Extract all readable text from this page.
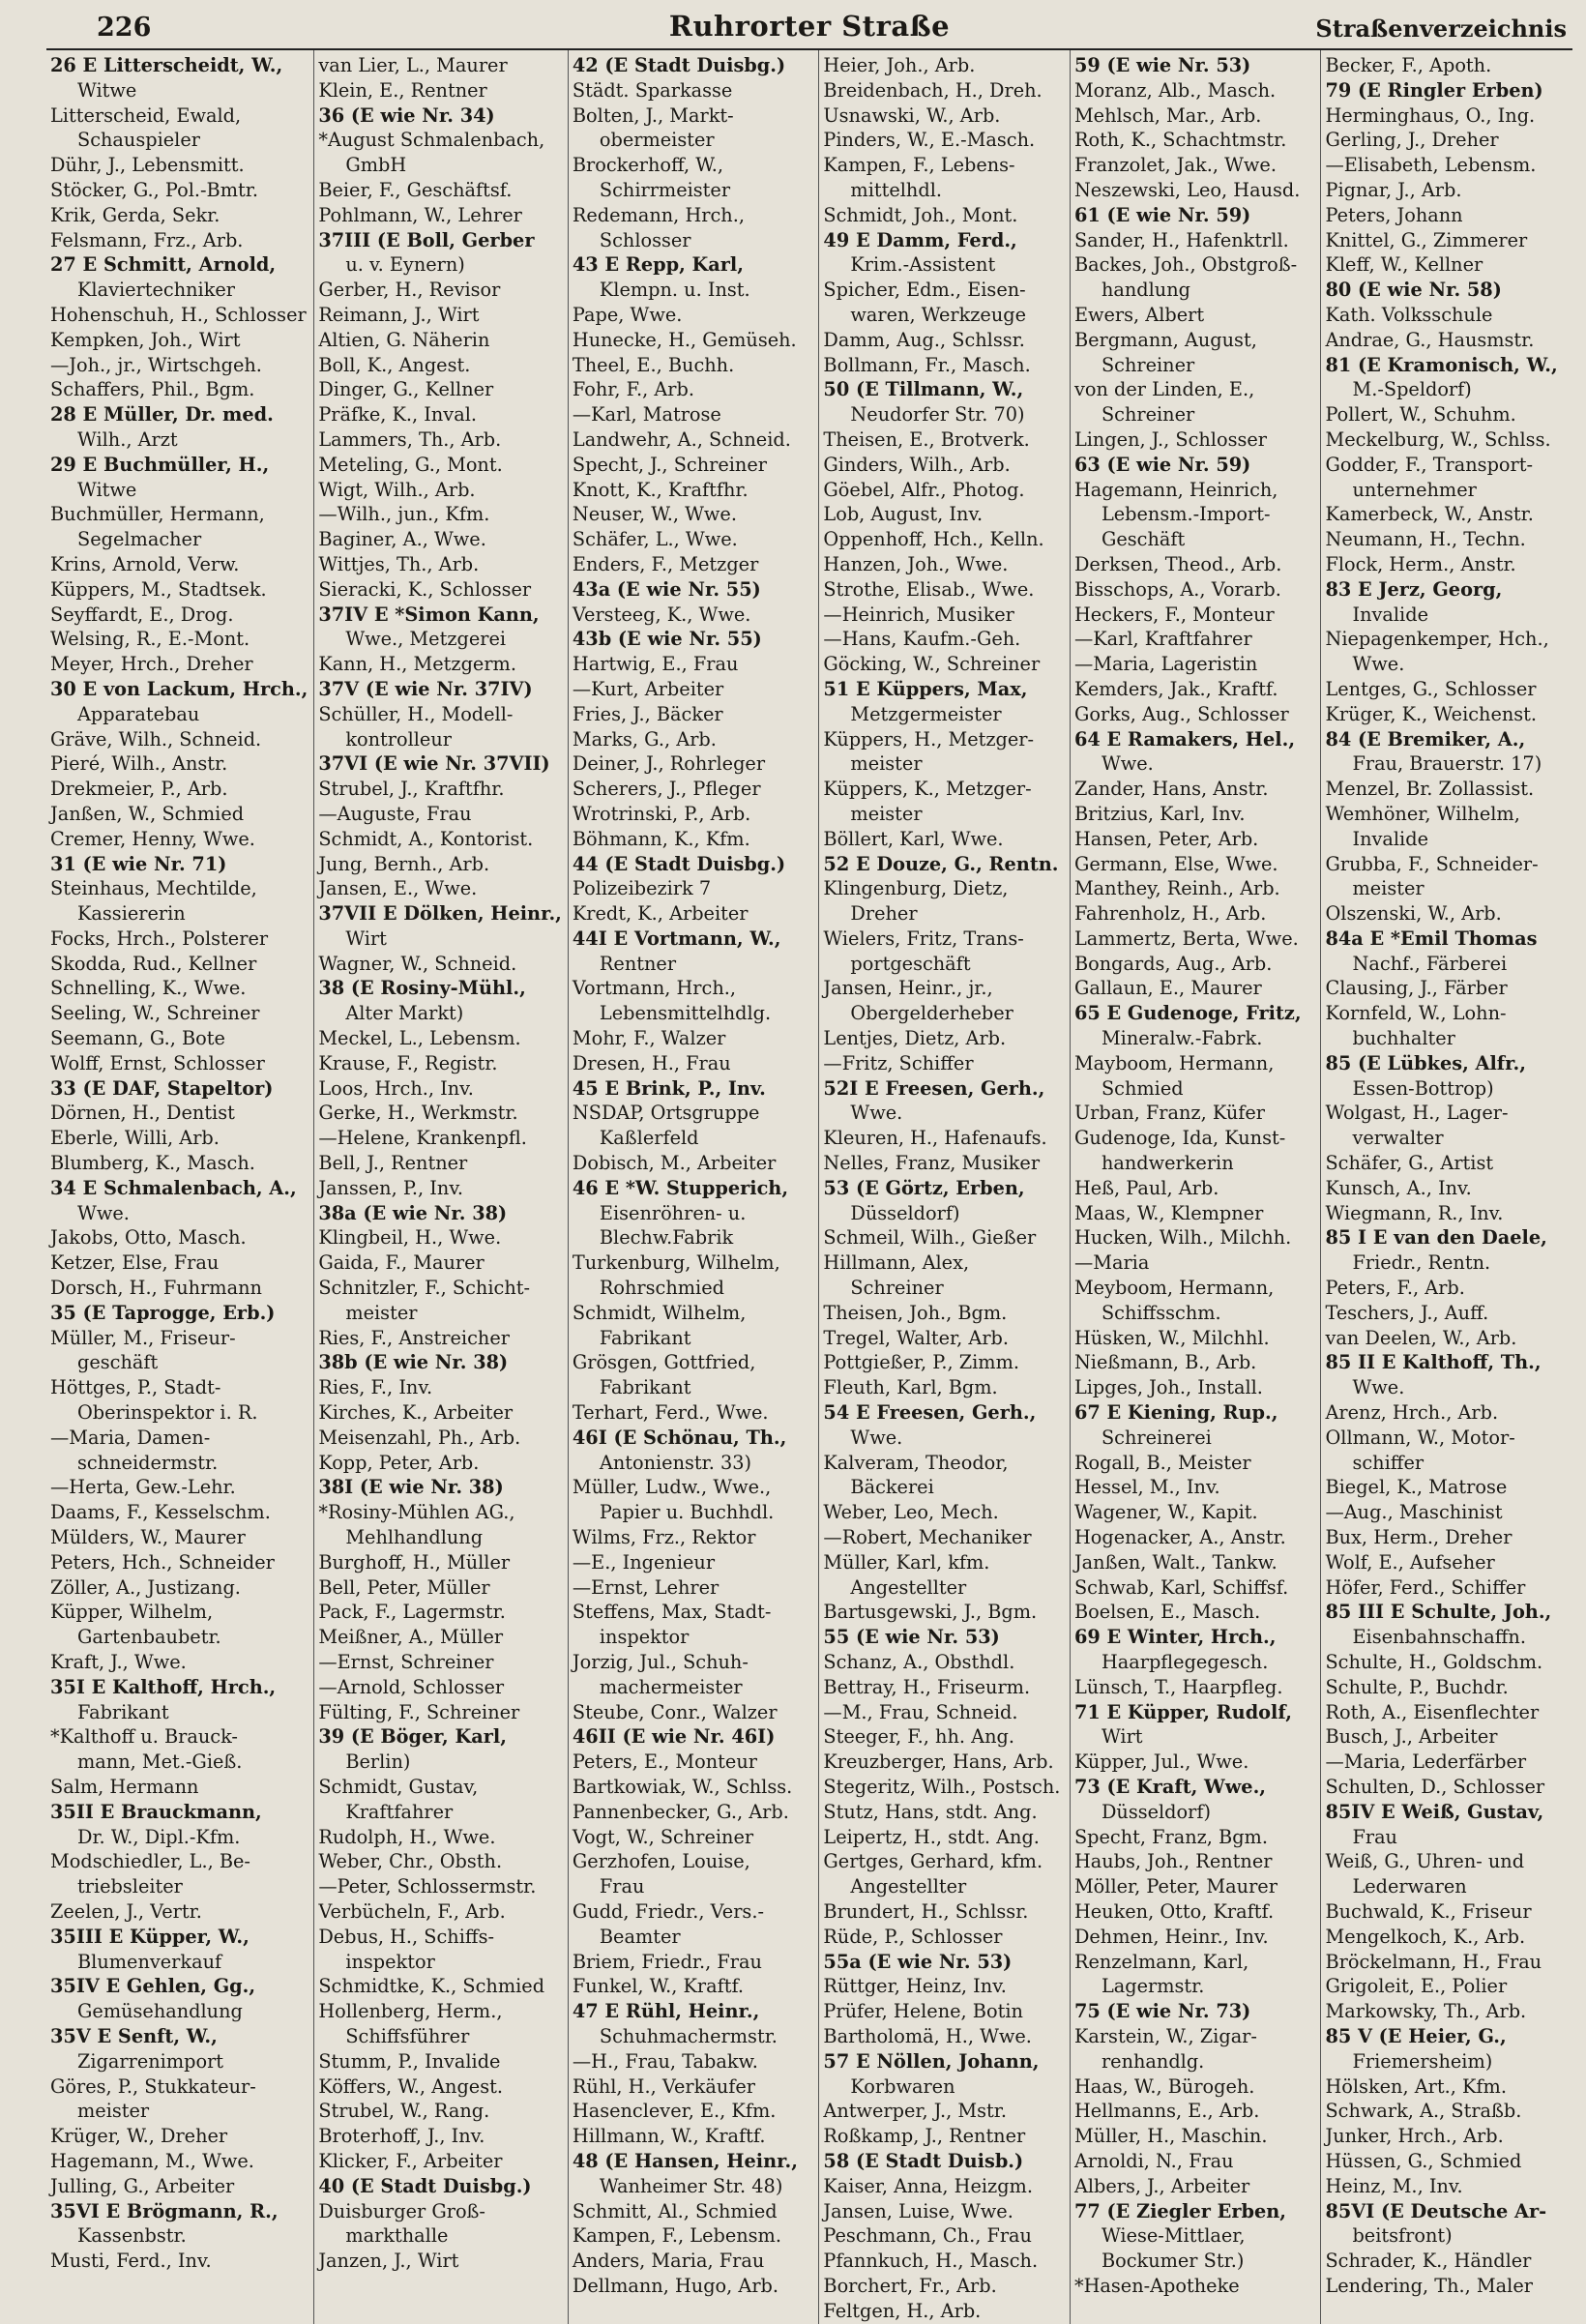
226	Ruhrorter Straße	Straßenverzeichnis
26 E Litterscheidt, W.,
Witwe
Litterscheid, Ewald,
Schauspieler
Dühr, J., Lebensmitt.
Stöcker, G., Pol.-Bmtr.
Krik, Gerda, Sekr.
Felsmann, Frz., Arb.
27 E Schmitt, Arnold,
Klaviertechniker
Hohenschuh, H., Schlosser
Kempken, Joh., Wirt
—Joh., jr., Wirtschgeh.
Schaffers, Phil., Bgm.
28 E Müller, Dr. med.
Wilh., Arzt
29 E Buchmüller, H.,
Witwe
Buchmüller, Hermann,
Segelmacher
Krins, Arnold, Verw.
Küppers, M., Stadtsek.
Seyffardt, E., Drog.
Welsing, R., E.-Mont.
Meyer, Hrch., Dreher
30 E von Lackum, Hrch.,
Apparatebau
Gräve, Wilh., Schneid.
Pieré, Wilh., Anstr.
Drekmeier, P., Arb.
Janßen, W., Schmied
Cremer, Henny, Wwe.
31 (E wie Nr. 71)
Steinhaus, Mechtilde,
Kassiererin
Focks, Hrch., Polsterer
Skodda, Rud., Kellner
Schnelling, K., Wwe.
Seeling, W., Schreiner
Seemann, G., Bote
Wolff, Ernst, Schlosser
33 (E DAF, Stapeltor)
Dörnen, H., Dentist
Eberle, Willi, Arb.
Blumberg, K., Masch.
34 E Schmalenbach, A.,
Wwe.
Jakobs, Otto, Masch.
Ketzer, Else, Frau
Dorsch, H., Fuhrmann
35 (E Taprogge, Erb.)
Müller, M., Friseur-
geschäft
Höttges, P., Stadt-
Oberinspektor i. R.
—Maria, Damen-
schneidermstr.
—Herta, Gew.-Lehr.
Daams, F., Kesselschm.
Mülders, W., Maurer
Peters, Hch., Schneider
Zöller, A., Justizang.
Küpper, Wilhelm,
Gartenbaubetr.
Kraft, J., Wwe.
35I E Kalthoff, Hrch.,
Fabrikant
*Kalthoff u. Brauck-
mann, Met.-Gieß.
Salm, Hermann
35II E Brauckmann,
Dr. W., Dipl.-Kfm.
Modschiedler, L., Be-
triebsleiter
Zeelen, J., Vertr.
35III E Küpper, W.,
Blumenverkauf
35IV E Gehlen, Gg.,
Gemüsehandlung
35V E Senft, W.,
Zigarrenimport
Göres, P., Stukkateur-
meister
Krüger, W., Dreher
Hagemann, M., Wwe.
Julling, G., Arbeiter
35VI E Brögmann, R.,
Kassenbstr.
Musti, Ferd., Inv.
van Lier, L., Maurer
Klein, E., Rentner
36 (E wie Nr. 34)
*August Schmalenbach,
GmbH
Beier, F., Geschäftsf.
Pohlmann, W., Lehrer
37III (E Boll, Gerber
u. v. Eynern)
Gerber, H., Revisor
Reimann, J., Wirt
Altien, G. Näherin
Boll, K., Angest.
Dinger, G., Kellner
Präfke, K., Inval.
Lammers, Th., Arb.
Meteling, G., Mont.
Wigt, Wilh., Arb.
—Wilh., jun., Kfm.
Baginer, A., Wwe.
Wittjes, Th., Arb.
Sieracki, K., Schlosser
37IV E *Simon Kann,
Wwe., Metzgerei
Kann, H., Metzgerm.
37V (E wie Nr. 37IV)
Schüller, H., Modell-
kontrolleur
37VI (E wie Nr. 37VII)
Strubel, J., Kraftfhr.
—Auguste, Frau
Schmidt, A., Kontorist.
Jung, Bernh., Arb.
Jansen, E., Wwe.
37VII E Dölken, Heinr.,
Wirt
Wagner, W., Schneid.
38 (E Rosiny-Mühl.,
Alter Markt)
Meckel, L., Lebensm.
Krause, F., Registr.
Loos, Hrch., Inv.
Gerke, H., Werkmstr.
—Helene, Krankenpfl.
Bell, J., Rentner
Janssen, P., Inv.
38a (E wie Nr. 38)
Klingbeil, H., Wwe.
Gaida, F., Maurer
Schnitzler, F., Schicht-
meister
Ries, F., Anstreicher
38b (E wie Nr. 38)
Ries, F., Inv.
Kirches, K., Arbeiter
Meisenzahl, Ph., Arb.
Kopp, Peter, Arb.
38I (E wie Nr. 38)
*Rosiny-Mühlen AG.,
Mehlhandlung
Burghoff, H., Müller
Bell, Peter, Müller
Pack, F., Lagermstr.
Meißner, A., Müller
—Ernst, Schreiner
—Arnold, Schlosser
Fülting, F., Schreiner
39 (E Böger, Karl,
Berlin)
Schmidt, Gustav,
Kraftfahrer
Rudolph, H., Wwe.
Weber, Chr., Obsth.
—Peter, Schlossermstr.
Verbücheln, F., Arb.
Debus, H., Schiffs-
inspektor
Schmidtke, K., Schmied
Hollenberg, Herm.,
Schiffsführer
Stumm, P., Invalide
Köffers, W., Angest.
Strubel, W., Rang.
Broterhoff, J., Inv.
Klicker, F., Arbeiter
40 (E Stadt Duisbg.)
Duisburger Groß-
markthalle
Janzen, J., Wirt
42 (E Stadt Duisbg.)
Städt. Sparkasse
Bolten, J., Markt-
obermeister
Brockerhoff, W.,
Schirrmeister
Redemann, Hrch.,
Schlosser
43 E Repp, Karl,
Klempn. u. Inst.
Pape, Wwe.
Hunecke, H., Gemüseh.
Theel, E., Buchh.
Fohr, F., Arb.
—Karl, Matrose
Landwehr, A., Schneid.
Specht, J., Schreiner
Knott, K., Kraftfhr.
Neuser, W., Wwe.
Schäfer, L., Wwe.
Enders, F., Metzger
43a (E wie Nr. 55)
Versteeg, K., Wwe.
43b (E wie Nr. 55)
Hartwig, E., Frau
—Kurt, Arbeiter
Fries, J., Bäcker
Marks, G., Arb.
Deiner, J., Rohrleger
Scherers, J., Pfleger
Wrotrinski, P., Arb.
Böhmann, K., Kfm.
44 (E Stadt Duisbg.)
Polizeibezirk 7
Kredt, K., Arbeiter
44I E Vortmann, W.,
Rentner
Vortmann, Hrch.,
Lebensmittelhdlg.
Mohr, F., Walzer
Dresen, H., Frau
45 E Brink, P., Inv.
NSDAP, Ortsgruppe
Kaßlerfeld
Dobisch, M., Arbeiter
46 E *W. Stupperich,
Eisenröhren- u.
Blechw.Fabrik
Turkenburg, Wilhelm,
Rohrschmied
Schmidt, Wilhelm,
Fabrikant
Grösgen, Gottfried,
Fabrikant
Terhart, Ferd., Wwe.
46I (E Schönau, Th.,
Antonienstr. 33)
Müller, Ludw., Wwe.,
Papier u. Buchhdl.
Wilms, Frz., Rektor
—E., Ingenieur
—Ernst, Lehrer
Steffens, Max, Stadt-
inspektor
Jorzig, Jul., Schuh-
machermeister
Steube, Conr., Walzer
46II (E wie Nr. 46I)
Peters, E., Monteur
Bartkowiak, W., Schlss.
Pannenbecker, G., Arb.
Vogt, W., Schreiner
Gerzhofen, Louise,
Frau
Gudd, Friedr., Vers.-
Beamter
Briem, Friedr., Frau
Funkel, W., Kraftf.
47 E Rühl, Heinr.,
Schuhmachermstr.
—H., Frau, Tabakw.
Rühl, H., Verkäufer
Hasenclever, E., Kfm.
Hillmann, W., Kraftf.
48 (E Hansen, Heinr.,
Wanheimer Str. 48)
Schmitt, Al., Schmied
Kampen, F., Lebensm.
Anders, Maria, Frau
Dellmann, Hugo, Arb.
Heier, Joh., Arb.
Breidenbach, H., Dreh.
Usnawski, W., Arb.
Pinders, W., E.-Masch.
Kampen, F., Lebens-
mittelhdl.
Schmidt, Joh., Mont.
49 E Damm, Ferd.,
Krim.-Assistent
Spicher, Edm., Eisen-
waren, Werkzeuge
Damm, Aug., Schlssr.
Bollmann, Fr., Masch.
50 (E Tillmann, W.,
Neudorfer Str. 70)
Theisen, E., Brotverk.
Ginders, Wilh., Arb.
Göebel, Alfr., Photog.
Lob, August, Inv.
Oppenhoff, Hch., Kelln.
Hanzen, Joh., Wwe.
Strothe, Elisab., Wwe.
—Heinrich, Musiker
—Hans, Kaufm.-Geh.
Göcking, W., Schreiner
51 E Küppers, Max,
Metzgermeister
Küppers, H., Metzger-
meister
Küppers, K., Metzger-
meister
Böllert, Karl, Wwe.
52 E Douze, G., Rentn.
Klingenburg, Dietz,
Dreher
Wielers, Fritz, Trans-
portgeschäft
Jansen, Heinr., jr.,
Obergelderheber
Lentjes, Dietz, Arb.
—Fritz, Schiffer
52I E Freesen, Gerh.,
Wwe.
Kleuren, H., Hafenaufs.
Nelles, Franz, Musiker
53 (E Görtz, Erben,
Düsseldorf)
Schmeil, Wilh., Gießer
Hillmann, Alex,
Schreiner
Theisen, Joh., Bgm.
Tregel, Walter, Arb.
Pottgießer, P., Zimm.
Fleuth, Karl, Bgm.
54 E Freesen, Gerh.,
Wwe.
Kalveram, Theodor,
Bäckerei
Weber, Leo, Mech.
—Robert, Mechaniker
Müller, Karl, kfm.
Angestellter
Bartusgewski, J., Bgm.
55 (E wie Nr. 53)
Schanz, A., Obsthdl.
Bettray, H., Friseurm.
—M., Frau, Schneid.
Steeger, F., hh. Ang.
Kreuzberger, Hans, Arb.
Stegeritz, Wilh., Postsch.
Stutz, Hans, stdt. Ang.
Leipertz, H., stdt. Ang.
Gertges, Gerhard, kfm.
Angestellter
Brundert, H., Schlssr.
Rüde, P., Schlosser
55a (E wie Nr. 53)
Rüttger, Heinz, Inv.
Prüfer, Helene, Botin
Bartholomä, H., Wwe.
57 E Nöllen, Johann,
Korbwaren
Antwerper, J., Mstr.
Roßkamp, J., Rentner
58 (E Stadt Duisb.)
Kaiser, Anna, Heizgm.
Jansen, Luise, Wwe.
Peschmann, Ch., Frau
Pfannkuch, H., Masch.
Borchert, Fr., Arb.
Feltgen, H., Arb.
59 (E wie Nr. 53)
Moranz, Alb., Masch.
Mehlsch, Mar., Arb.
Roth, K., Schachtmstr.
Franzolet, Jak., Wwe.
Neszewski, Leo, Hausd.
61 (E wie Nr. 59)
Sander, H., Hafenktrll.
Backes, Joh., Obstgroß-
handlung
Ewers, Albert
Bergmann, August,
Schreiner
von der Linden, E.,
Schreiner
Lingen, J., Schlosser
63 (E wie Nr. 59)
Hagemann, Heinrich,
Lebensm.-Import-
Geschäft
Derksen, Theod., Arb.
Bisschops, A., Vorarb.
Heckers, F., Monteur
—Karl, Kraftfahrer
—Maria, Lageristin
Kemders, Jak., Kraftf.
Gorks, Aug., Schlosser
64 E Ramakers, Hel.,
Wwe.
Zander, Hans, Anstr.
Britzius, Karl, Inv.
Hansen, Peter, Arb.
Germann, Else, Wwe.
Manthey, Reinh., Arb.
Fahrenholz, H., Arb.
Lammertz, Berta, Wwe.
Bongards, Aug., Arb.
Gallaun, E., Maurer
65 E Gudenoge, Fritz,
Mineralw.-Fabrk.
Mayboom, Hermann,
Schmied
Urban, Franz, Küfer
Gudenoge, Ida, Kunst-
handwerkerin
Heß, Paul, Arb.
Maas, W., Klempner
Hucken, Wilh., Milchh.
—Maria
Meyboom, Hermann,
Schiffsschm.
Hüsken, W., Milchhl.
Nießmann, B., Arb.
Lipges, Joh., Install.
67 E Kiening, Rup.,
Schreinerei
Rogall, B., Meister
Hessel, M., Inv.
Wagener, W., Kapit.
Hogenacker, A., Anstr.
Janßen, Walt., Tankw.
Schwab, Karl, Schiffsf.
Boelsen, E., Masch.
69 E Winter, Hrch.,
Haarpflegegesch.
Lünsch, T., Haarpfleg.
71 E Küpper, Rudolf,
Wirt
Küpper, Jul., Wwe.
73 (E Kraft, Wwe.,
Düsseldorf)
Specht, Franz, Bgm.
Haubs, Joh., Rentner
Möller, Peter, Maurer
Heuken, Otto, Kraftf.
Dehmen, Heinr., Inv.
Renzelmann, Karl,
Lagermstr.
75 (E wie Nr. 73)
Karstein, W., Zigar-
renhandlg.
Haas, W., Bürogeh.
Hellmanns, E., Arb.
Müller, H., Maschin.
Arnoldi, N., Frau
Albers, J., Arbeiter
77 (E Ziegler Erben,
Wiese-Mittlaer,
Bockumer Str.)
*Hasen-Apotheke
Becker, F., Apoth.
79 (E Ringler Erben)
Herminghaus, O., Ing.
Gerling, J., Dreher
—Elisabeth, Lebensm.
Pignar, J., Arb.
Peters, Johann
Knittel, G., Zimmerer
Kleff, W., Kellner
80 (E wie Nr. 58)
Kath. Volksschule
Andrae, G., Hausmstr.
81 (E Kramonisch, W.,
M.-Speldorf)
Pollert, W., Schuhm.
Meckelburg, W., Schlss.
Godder, F., Transport-
unternehmer
Kamerbeck, W., Anstr.
Neumann, H., Techn.
Flock, Herm., Anstr.
83 E Jerz, Georg,
Invalide
Niepagenkemper, Hch.,
Wwe.
Lentges, G., Schlosser
Krüger, K., Weichenst.
84 (E Bremiker, A.,
Frau, Brauerstr. 17)
Menzel, Br. Zollassist.
Wemhöner, Wilhelm,
Invalide
Grubba, F., Schneider-
meister
Olszenski, W., Arb.
84a E *Emil Thomas
Nachf., Färberei
Clausing, J., Färber
Kornfeld, W., Lohn-
buchhalter
85 (E Lübkes, Alfr.,
Essen-Bottrop)
Wolgast, H., Lager-
verwalter
Schäfer, G., Artist
Kunsch, A., Inv.
Wiegmann, R., Inv.
85 I E van den Daele,
Friedr., Rentn.
Peters, F., Arb.
Teschers, J., Auff.
van Deelen, W., Arb.
85 II E Kalthoff, Th.,
Wwe.
Arenz, Hrch., Arb.
Ollmann, W., Motor-
schiffer
Biegel, K., Matrose
—Aug., Maschinist
Bux, Herm., Dreher
Wolf, E., Aufseher
Höfer, Ferd., Schiffer
85 III E Schulte, Joh.,
Eisenbahnschaffn.
Schulte, H., Goldschm.
Schulte, P., Buchdr.
Roth, A., Eisenflechter
Busch, J., Arbeiter
—Maria, Lederfärber
Schulten, D., Schlosser
85IV E Weiß, Gustav,
Frau
Weiß, G., Uhren- und
Lederwaren
Buchwald, K., Friseur
Mengelkoch, K., Arb.
Bröckelmann, H., Frau
Grigoleit, E., Polier
Markowsky, Th., Arb.
85 V (E Heier, G.,
Friemersheim)
Hölsken, Art., Kfm.
Schwark, A., Straßb.
Junker, Hrch., Arb.
Hüssen, G., Schmied
Heinz, M., Inv.
85VI (E Deutsche Ar-
beitsfront)
Schrader, K., Händler
Lendering, Th., Maler
